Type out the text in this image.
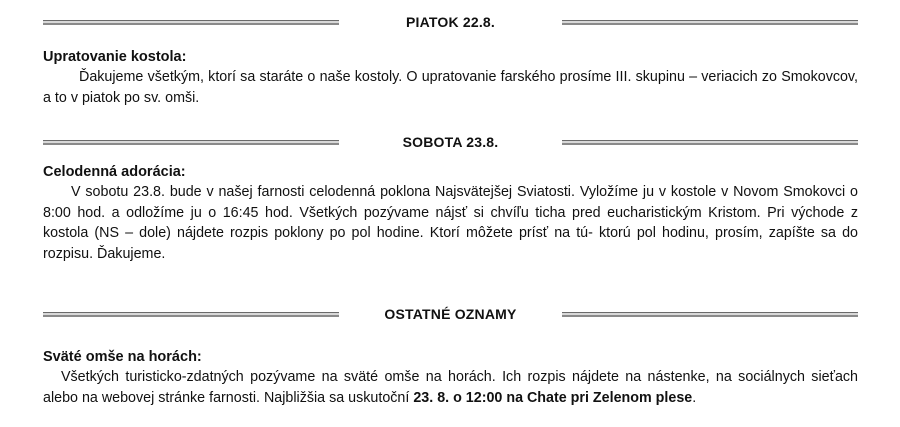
PIATOK 22.8.

Upratovanie kostola:

Ďakujeme všetkým, ktorí sa staráte o naše kostoly. O upratovanie farského prosíme III. skupinu – veriacich zo Smokovcov, a to v piatok po sv. omši.

SOBOTA 23.8.

Celodenná adorácia:

V sobotu 23.8. bude v našej farnosti celodenná poklona Najsvätejšej Sviatosti. Vyložíme ju v kostole v Novom Smokovci o 8:00 hod. a odložíme ju o 16:45 hod. Všetkých pozývame nájsť si chvíľu ticha pred eucharistickým Kristom. Pri východe z kostola (NS – dole) nájdete rozpis poklony po pol hodine. Ktorí môžete prísť na tú- ktorú pol hodinu, prosím, zapíšte sa do rozpisu. Ďakujeme.

OSTATNÉ OZNAMY

Sväté omše na horách:

Všetkých turisticko-zdatných pozývame na sväté omše na horách. Ich rozpis nájdete na nástenke, na sociálnych sieťach alebo na webovej stránke farnosti. Najbližšia sa uskutoční 23. 8. o 12:00 na Chate pri Zelenom plese.
